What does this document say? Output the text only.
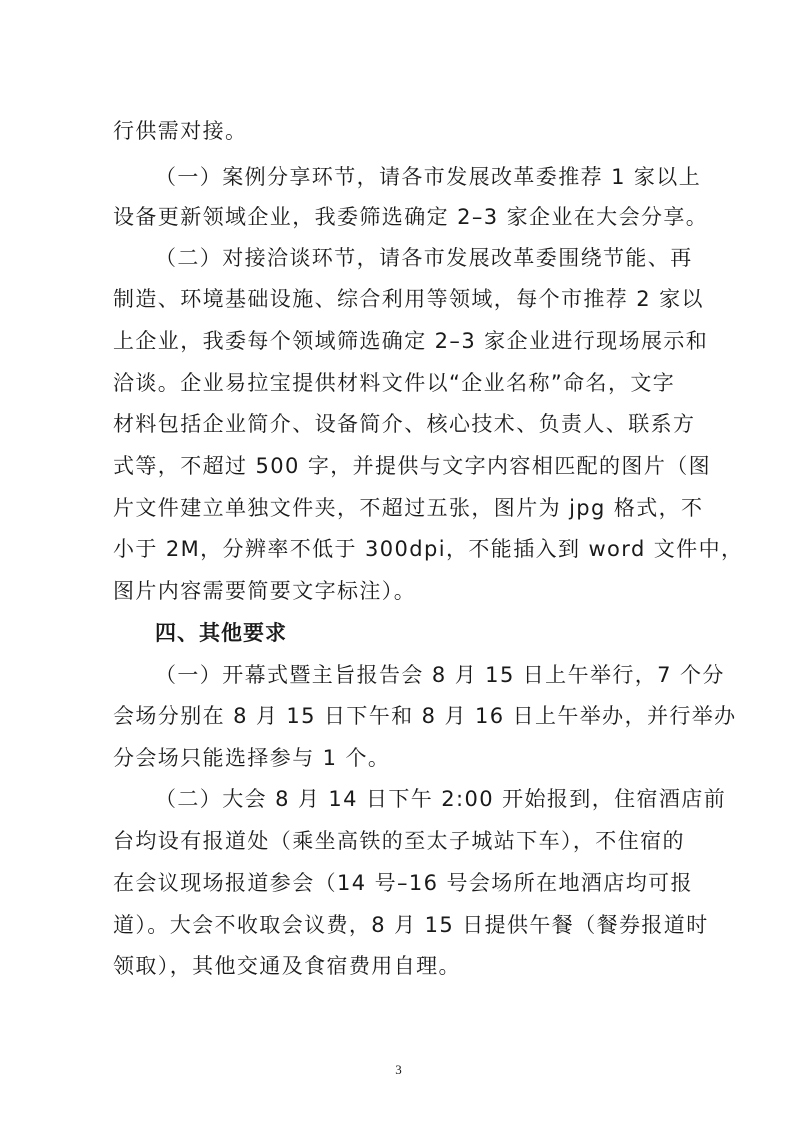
行供需对接。
（一）案例分享环节，请各市发展改革委推荐 1 家以上
设备更新领域企业，我委筛选确定 2–3 家企业在大会分享。
（二）对接洽谈环节，请各市发展改革委围绕节能、再
制造、环境基础设施、综合利用等领域，每个市推荐 2 家以
上企业，我委每个领域筛选确定 2–3 家企业进行现场展示和
洽谈。企业易拉宝提供材料文件以“企业名称”命名，文字
材料包括企业简介、设备简介、核心技术、负责人、联系方
式等，不超过 500 字，并提供与文字内容相匹配的图片（图
片文件建立单独文件夹，不超过五张，图片为 jpg 格式，不
小于 2M，分辨率不低于 300dpi，不能插入到 word 文件中，
图片内容需要简要文字标注）。
四、其他要求
（一）开幕式暨主旨报告会 8 月 15 日上午举行，7 个分
会场分别在 8 月 15 日下午和 8 月 16 日上午举办，并行举办
分会场只能选择参与 1 个。
（二）大会 8 月 14 日下午 2:00 开始报到，住宿酒店前
台均设有报道处（乘坐高铁的至太子城站下车），不住宿的
在会议现场报道参会（14 号–16 号会场所在地酒店均可报
道）。大会不收取会议费，8 月 15 日提供午餐（餐券报道时
领取），其他交通及食宿费用自理。
3
